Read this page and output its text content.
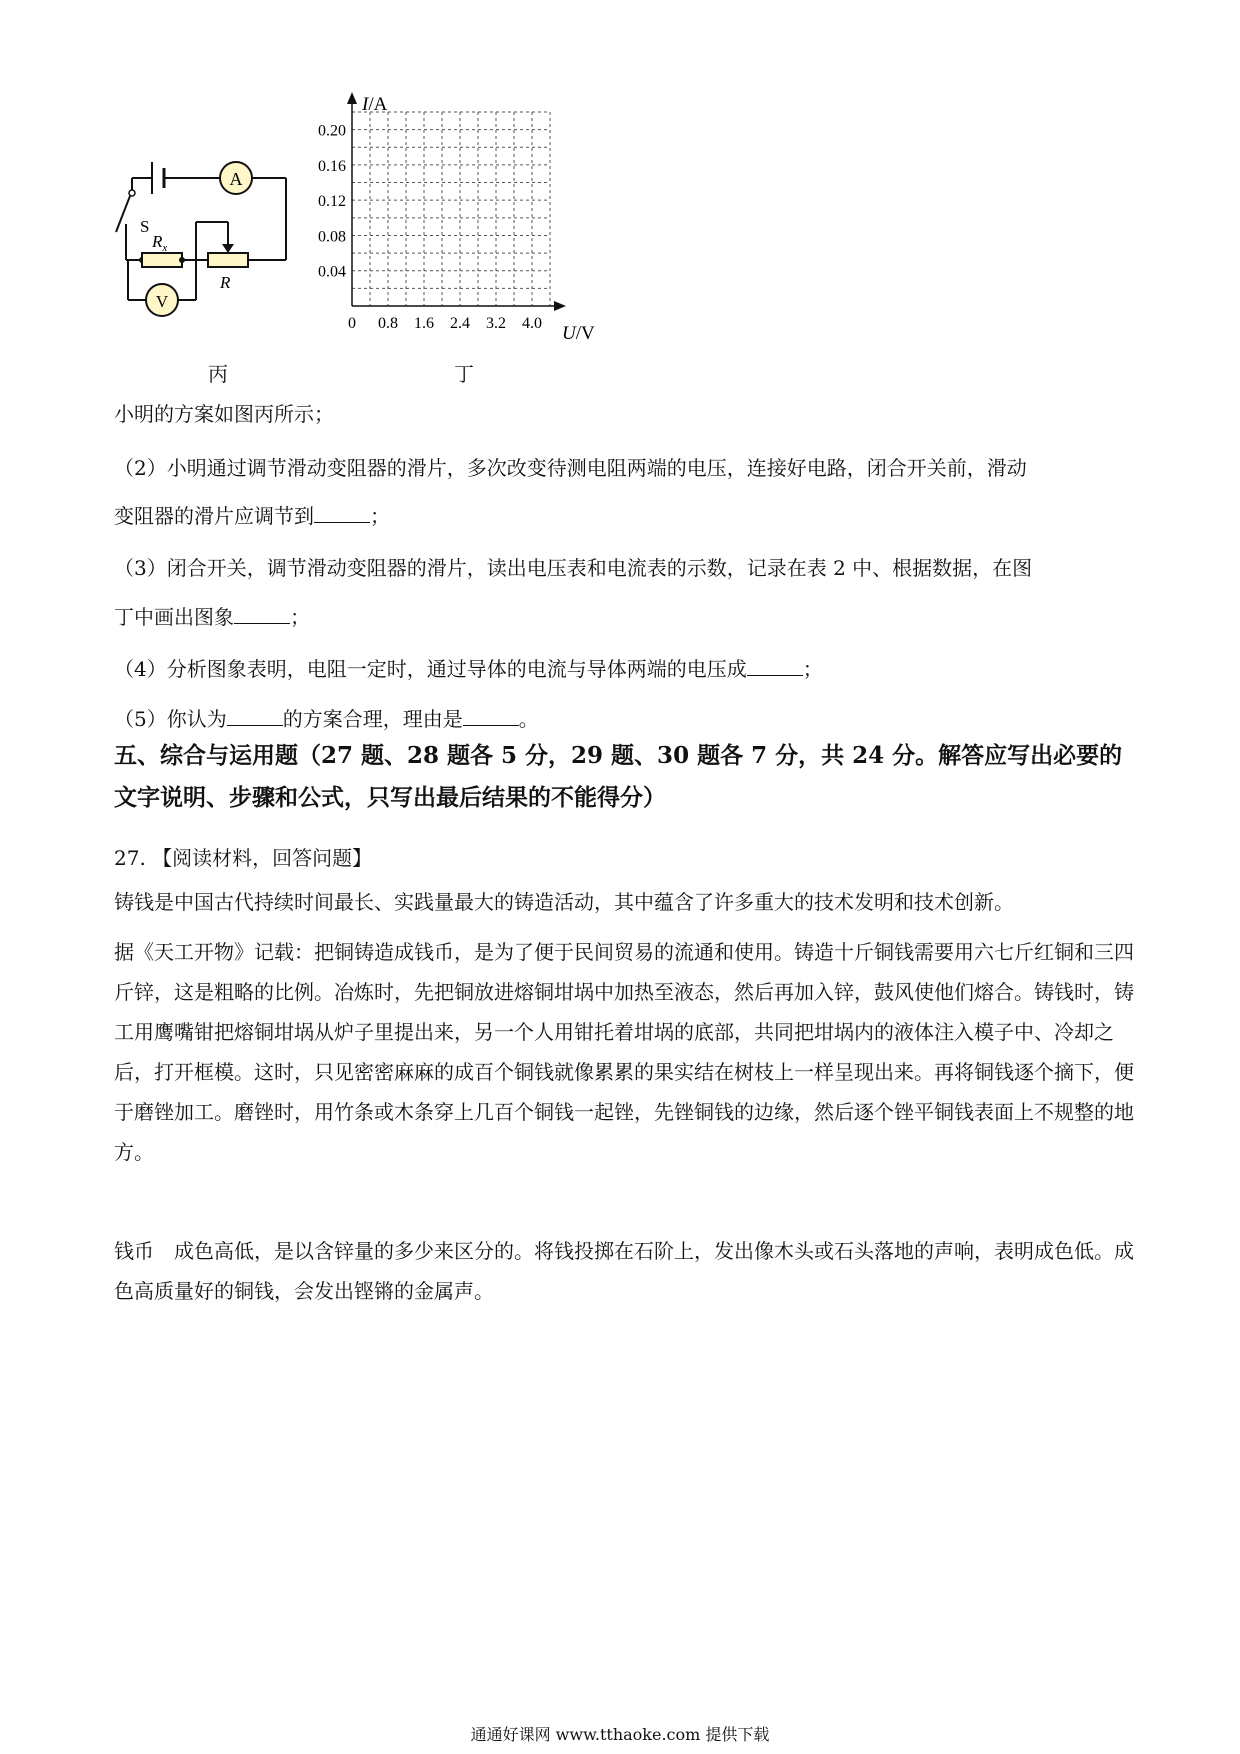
A
S
$R_x$
R
V
丙
0.04
0.08
0.12
0.16
0.20
0 0.8 1.6 2.4 3.2 4.0
I/A
U/V
丁
小明的方案如图丙所示；
（2）小明通过调节滑动变阻器的滑片，多次改变待测电阻两端的电压，连接好电路，闭合开关前，滑动
变阻器的滑片应调节到	；
（3）闭合开关，调节滑动变阻器的滑片，读出电压表和电流表的示数，记录在表 2 中、根据数据，在图
丁中画出图象	；
（4）分析图象表明，电阻一定时，通过导体的电流与导体两端的电压成	；
（5）你认为	的方案合理，理由是	。

五、综合与运用题（27 题、28 题各 5 分，29 题、30 题各 7 分，共 24 分。解答应写出必要的文字说明、步骤和公式，只写出最后结果的不能得分）

27. 【阅读材料，回答问题】

铸钱是中国古代持续时间最长、实践量最大的铸造活动，其中蕴含了许多重大的技术发明和技术创新。

据《天工开物》记载：把铜铸造成钱币，是为了便于民间贸易的流通和使用。铸造十斤铜钱需要用六七斤红铜和三四斤锌，这是粗略的比例。冶炼时，先把铜放进熔铜坩埚中加热至液态，然后再加入锌，鼓风使他们熔合。铸钱时，铸工用鹰嘴钳把熔铜坩埚从炉子里提出来，另一个人用钳托着坩埚的底部，共同把坩埚内的液体注入模子中、冷却之后，打开框模。这时，只见密密麻麻的成百个铜钱就像累累的果实结在树枝上一样呈现出来。再将铜钱逐个摘下，便于磨锉加工。磨锉时，用竹条或木条穿上几百个铜钱一起锉，先锉铜钱的边缘，然后逐个锉平铜钱表面上不规整的地方。

钱币　成色高低，是以含锌量的多少来区分的。将钱投掷在石阶上，发出像木头或石头落地的声响，表明成色低。成色高质量好的铜钱，会发出铿锵的金属声。

通通好课网 www.tthaoke.com 提供下载
